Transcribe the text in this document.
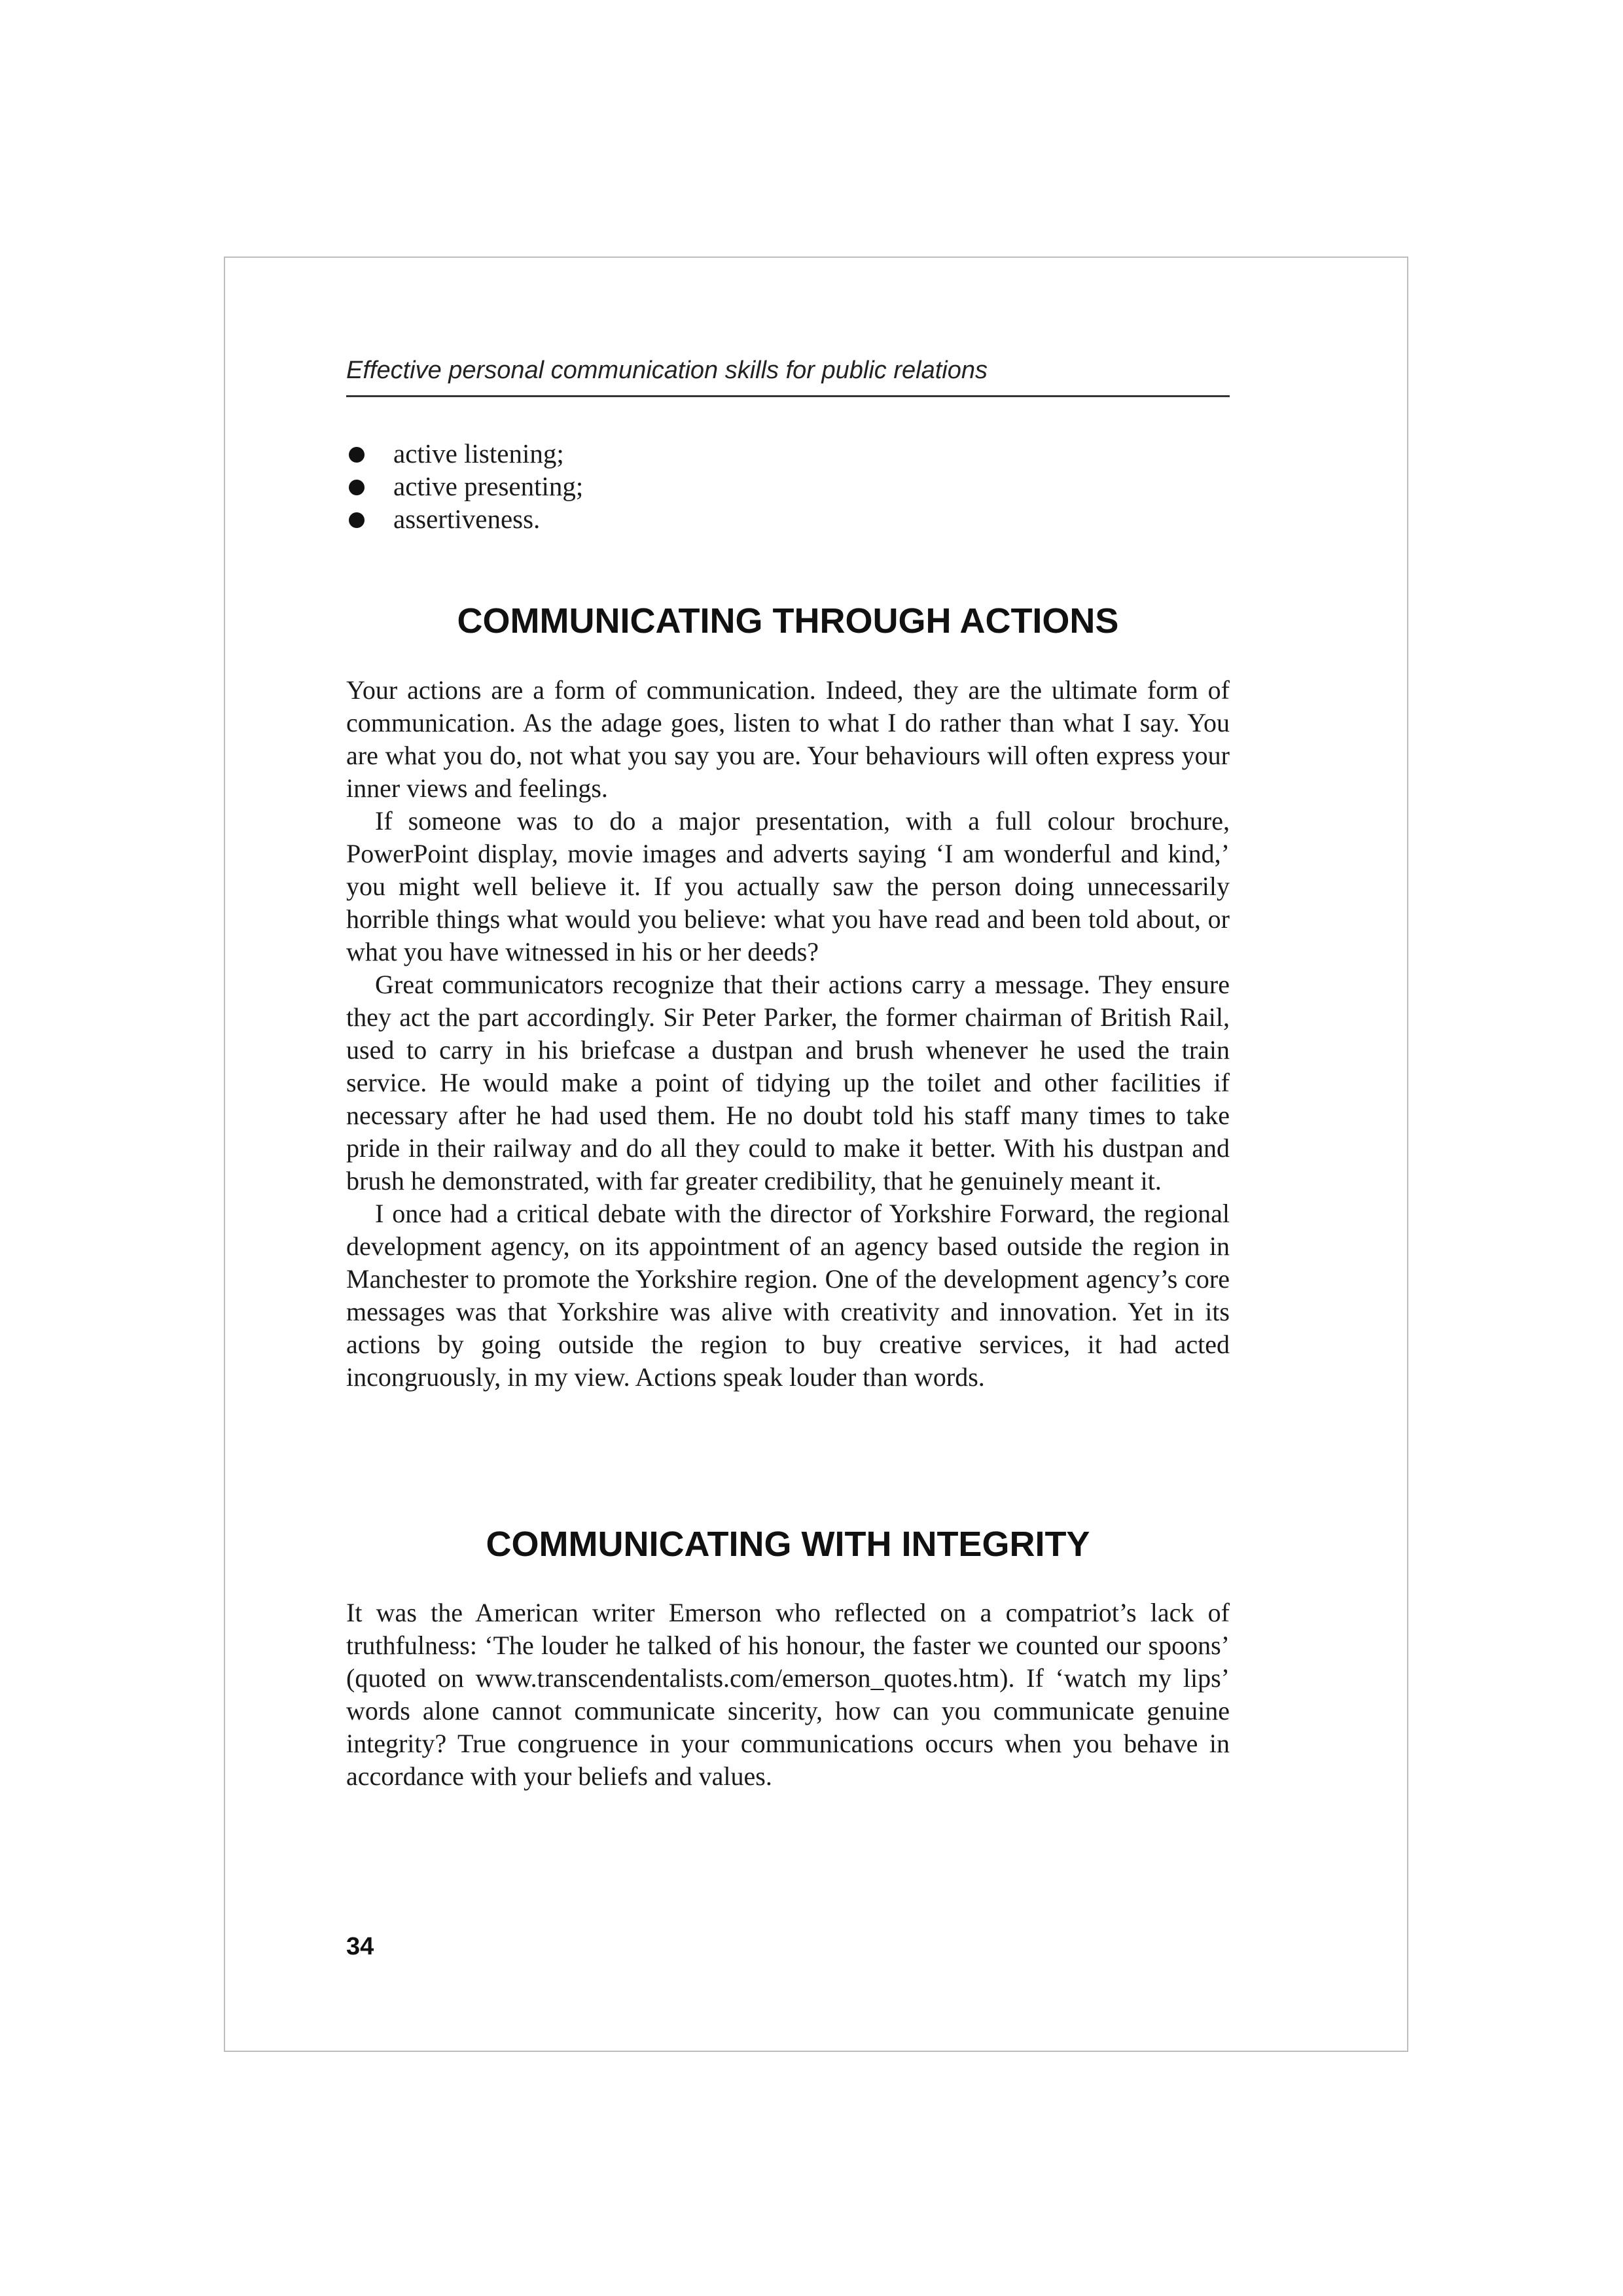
Effective personal communication skills for public relations
active listening;
active presenting;
assertiveness.
COMMUNICATING THROUGH ACTIONS

Your actions are a form of communication. Indeed, they are the ultimate form of communication. As the adage goes, listen to what I do rather than what I say. You are what you do, not what you say you are. Your behaviours will often express your inner views and feelings.

If someone was to do a major presentation, with a full colour brochure, PowerPoint display, movie images and adverts saying ‘I am wonderful and kind,’ you might well believe it. If you actually saw the person doing unnecessarily horrible things what would you believe: what you have read and been told about, or what you have witnessed in his or her deeds?

Great communicators recognize that their actions carry a message. They ensure they act the part accordingly. Sir Peter Parker, the former chairman of British Rail, used to carry in his briefcase a dustpan and brush whenever he used the train service. He would make a point of tidying up the toilet and other facilities if necessary after he had used them. He no doubt told his staff many times to take pride in their railway and do all they could to make it better. With his dustpan and brush he demonstrated, with far greater credibility, that he genuinely meant it.

I once had a critical debate with the director of Yorkshire Forward, the regional development agency, on its appointment of an agency based outside the region in Manchester to promote the Yorkshire region. One of the development agency’s core messages was that Yorkshire was alive with creativity and innovation. Yet in its actions by going outside the region to buy creative services, it had acted incongruously, in my view. Actions speak louder than words.

COMMUNICATING WITH INTEGRITY

It was the American writer Emerson who reflected on a compatriot’s lack of truthfulness: ‘The louder he talked of his honour, the faster we counted our spoons’ (quoted on www.transcendentalists.com/emerson_quotes.htm). If ‘watch my lips’ words alone cannot communicate sincerity, how can you communicate genuine integrity? True congruence in your communications occurs when you behave in accordance with your beliefs and values.

34
